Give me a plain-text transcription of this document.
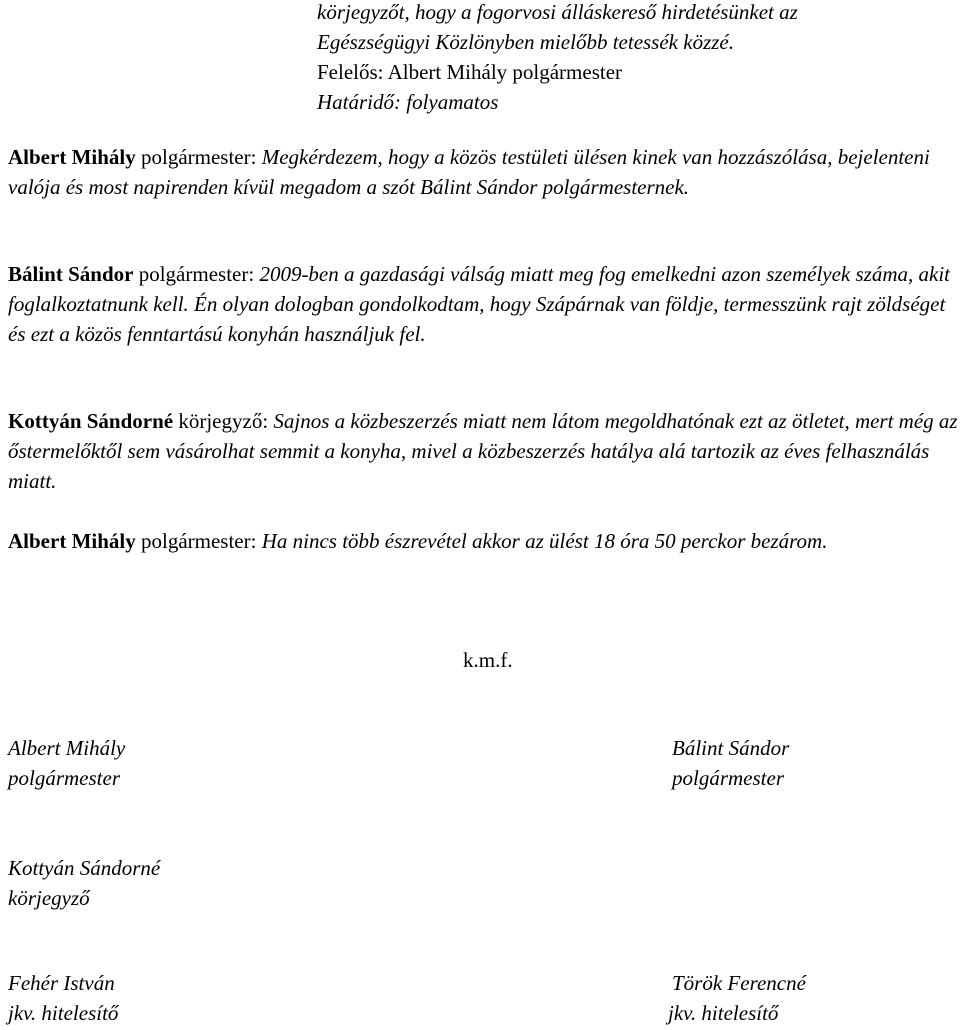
körjegyzőt, hogy a fogorvosi álláskereső hirdetésünket az
Egészségügyi Közlönyben mielőbb tetessék közzé.
Felelős: Albert Mihály polgármester
Határidő: folyamatos

Albert Mihály polgármester: Megkérdezem, hogy a közös testületi ülésen kinek van hozzászólása, bejelenteni valója és most napirenden kívül megadom a szót Bálint Sándor polgármesternek.

Bálint Sándor polgármester: 2009-ben a gazdasági válság miatt meg fog emelkedni azon személyek száma, akit foglalkoztatnunk kell. Én olyan dologban gondolkodtam, hogy Szápárnak van földje, termesszünk rajt zöldséget és ezt a közös fenntartású konyhán használjuk fel.

Kottyán Sándorné körjegyző: Sajnos a közbeszerzés miatt nem látom megoldhatónak ezt az ötletet, mert még az őstermelőktől sem vásárolhat semmit a konyha, mivel a közbeszerzés hatálya alá tartozik az éves felhasználás miatt.

Albert Mihály polgármester: Ha nincs több észrevétel akkor az ülést 18 óra 50 perckor bezárom.

k.m.f.
Albert Mihály
polgármester
Bálint Sándor
polgármester
Kottyán Sándorné
körjegyző
Fehér István
jkv. hitelesítő
Török Ferencné
jkv. hitelesítő
